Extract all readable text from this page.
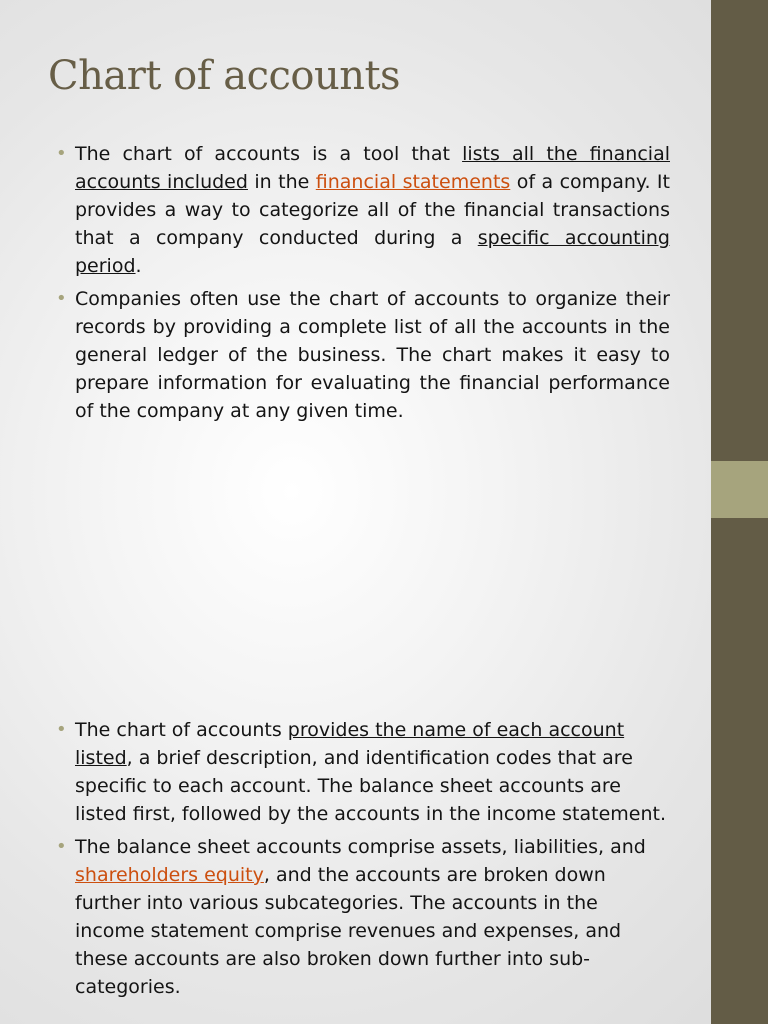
Chart of accounts
• The chart of accounts is a tool that lists all the financial accounts included in the financial statements of a company. It provides a way to categorize all of the financial transactions that a company conducted during a specific accounting period.
• Companies often use the chart of accounts to organize their records by providing a complete list of all the accounts in the general ledger of the business. The chart makes it easy to prepare information for evaluating the financial performance of the company at any given time.
• The chart of accounts provides the name of each account listed, a brief description, and identification codes that are specific to each account. The balance sheet accounts are listed first, followed by the accounts in the income statement.
• The balance sheet accounts comprise assets, liabilities, and shareholders equity, and the accounts are broken down further into various subcategories. The accounts in the income statement comprise revenues and expenses, and these accounts are also broken down further into sub-categories.
